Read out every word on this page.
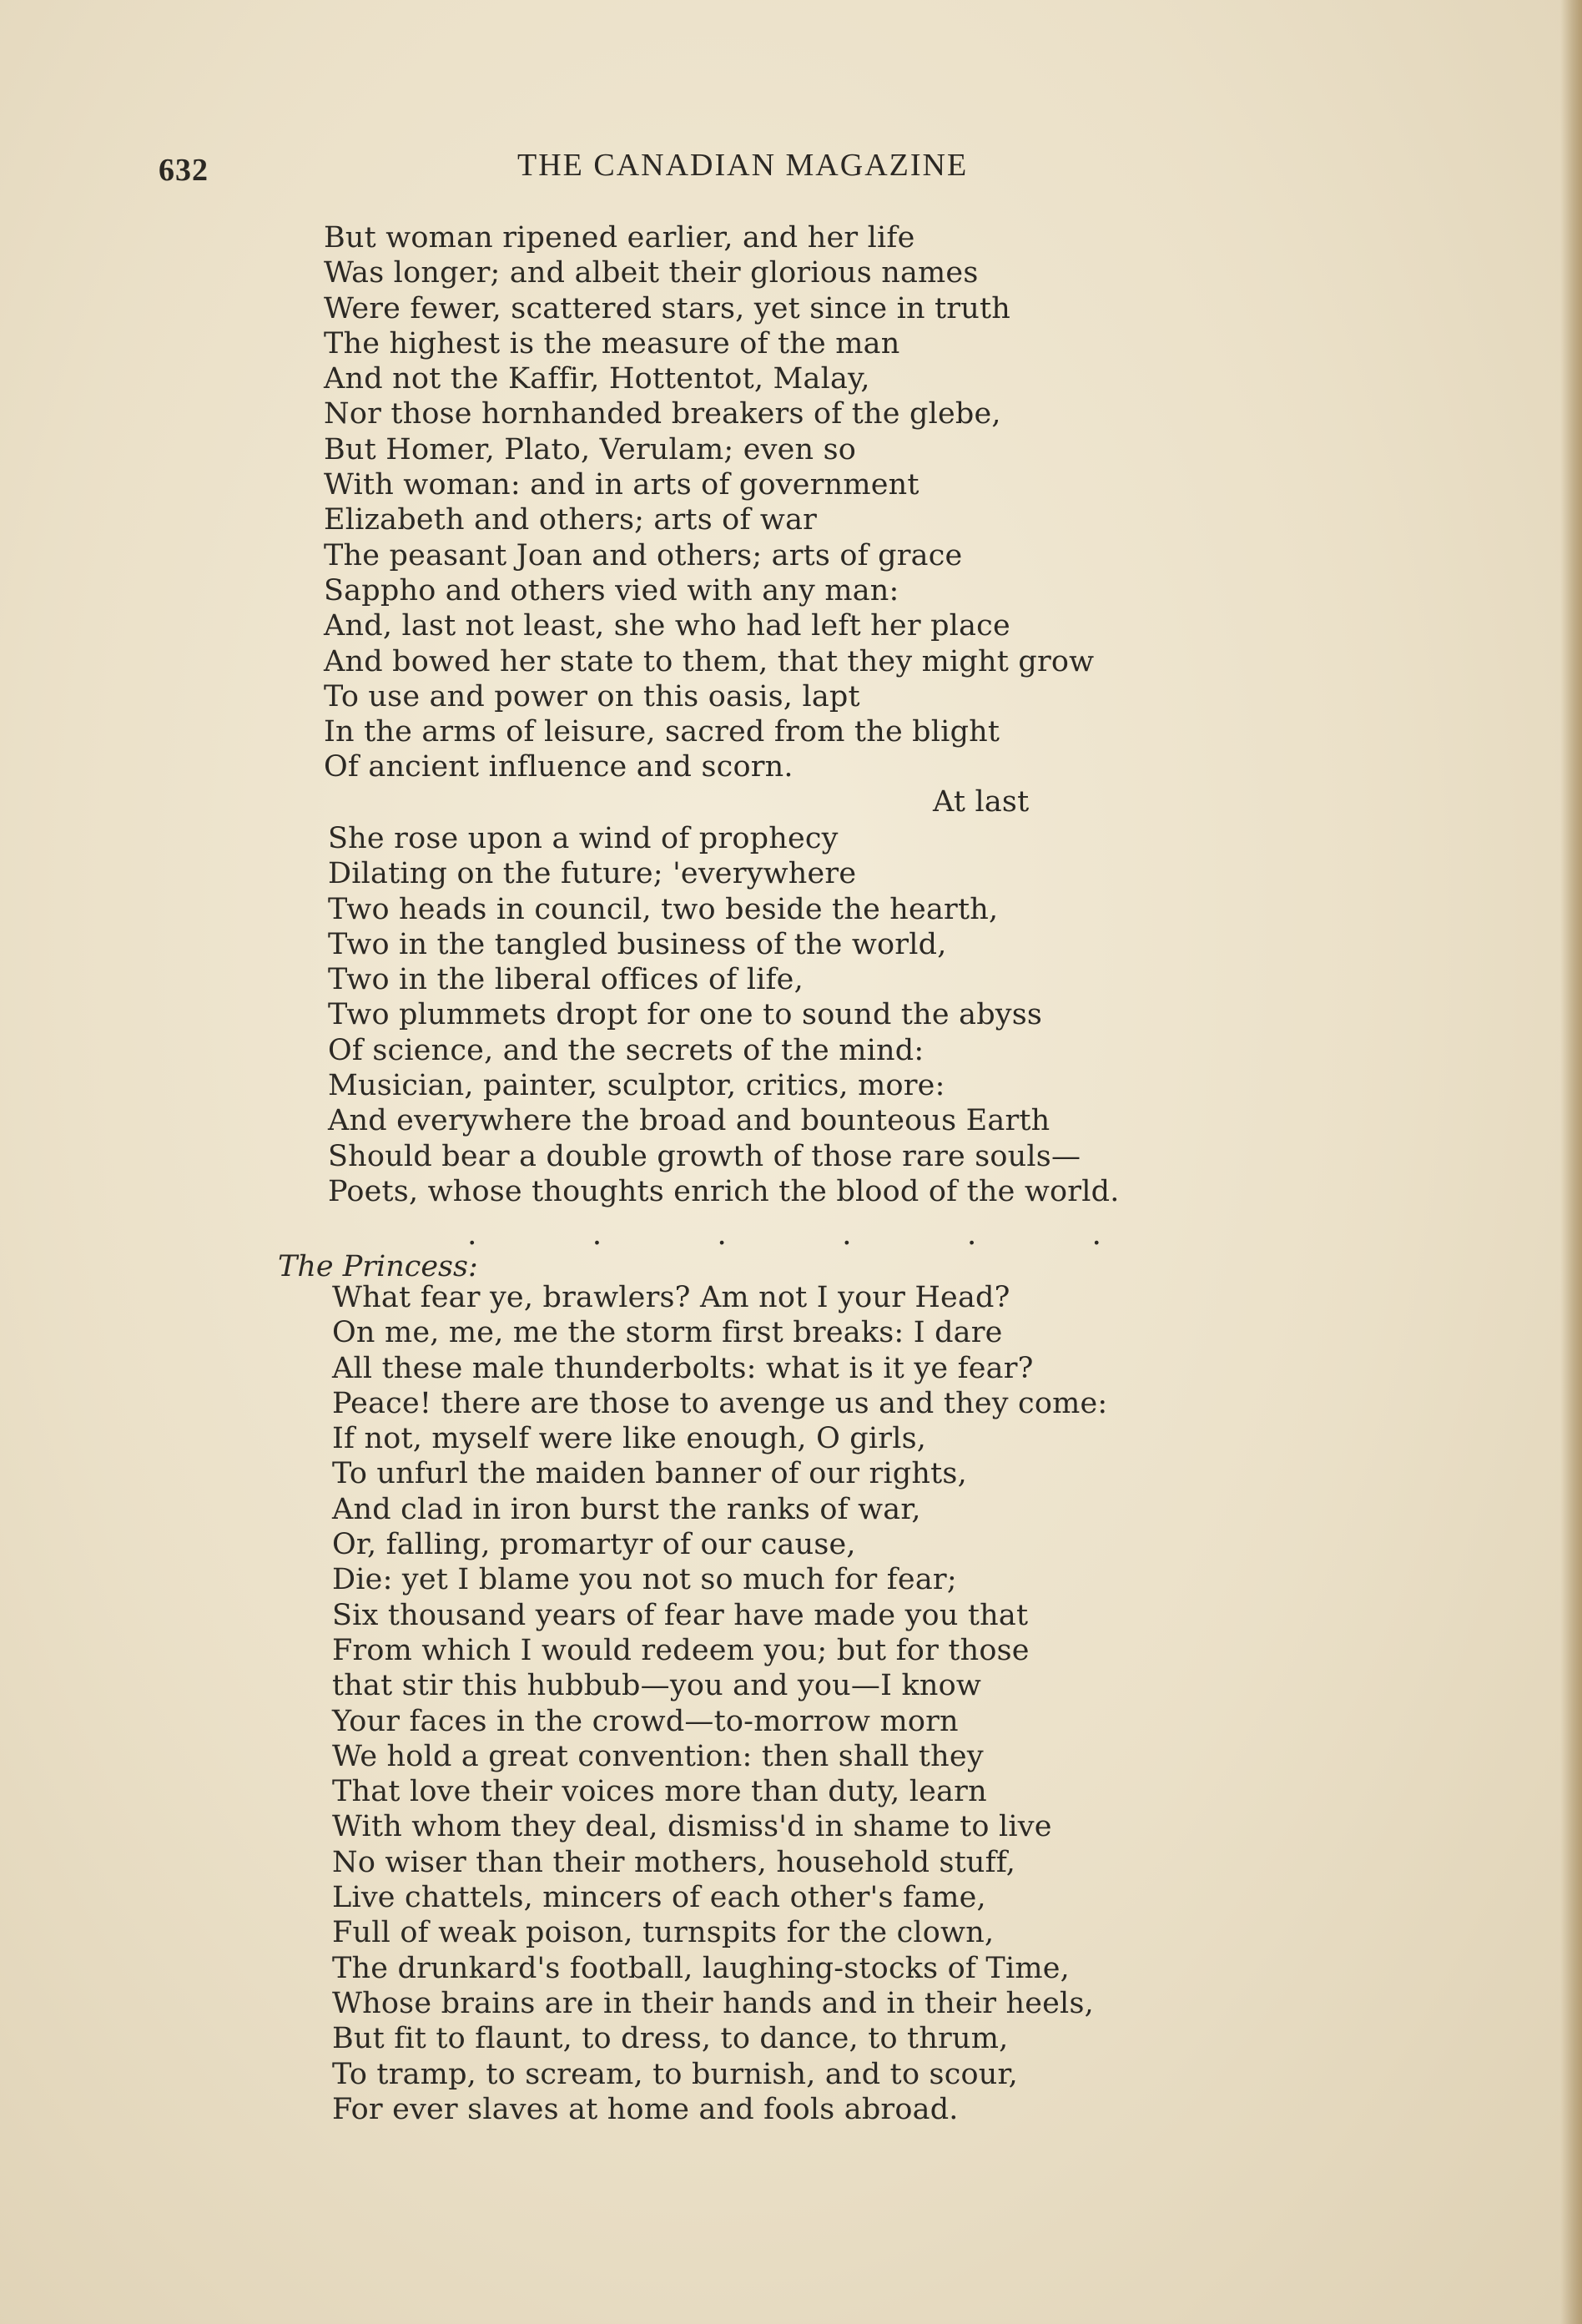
632	THE CANADIAN MAGAZINE
But woman ripened earlier, and her life
Was longer; and albeit their glorious names
Were fewer, scattered stars, yet since in truth
The highest is the measure of the man
And not the Kaffir, Hottentot, Malay,
Nor those hornhanded breakers of the glebe,
But Homer, Plato, Verulam; even so
With woman: and in arts of government
Elizabeth and others; arts of war
The peasant Joan and others; arts of grace
Sappho and others vied with any man:
And, last not least, she who had left her place
And bowed her state to them, that they might grow
To use and power on this oasis, lapt
In the arms of leisure, sacred from the blight
Of ancient influence and scorn.
At last
She rose upon a wind of prophecy
Dilating on the future; 'everywhere
Two heads in council, two beside the hearth,
Two in the tangled business of the world,
Two in the liberal offices of life,
Two plummets dropt for one to sound the abyss
Of science, and the secrets of the mind:
Musician, painter, sculptor, critics, more:
And everywhere the broad and bounteous Earth
Should bear a double growth of those rare souls—
Poets, whose thoughts enrich the blood of the world.
.	.	.	.	.	.
The Princess:
What fear ye, brawlers? Am not I your Head?
On me, me, me the storm first breaks: I dare
All these male thunderbolts: what is it ye fear?
Peace! there are those to avenge us and they come:
If not, myself were like enough, O girls,
To unfurl the maiden banner of our rights,
And clad in iron burst the ranks of war,
Or, falling, promartyr of our cause,
Die: yet I blame you not so much for fear;
Six thousand years of fear have made you that
From which I would redeem you; but for those
that stir this hubbub—you and you—I know
Your faces in the crowd—to-morrow morn
We hold a great convention: then shall they
That love their voices more than duty, learn
With whom they deal, dismiss'd in shame to live
No wiser than their mothers, household stuff,
Live chattels, mincers of each other's fame,
Full of weak poison, turnspits for the clown,
The drunkard's football, laughing-stocks of Time,
Whose brains are in their hands and in their heels,
But fit to flaunt, to dress, to dance, to thrum,
To tramp, to scream, to burnish, and to scour,
For ever slaves at home and fools abroad.
